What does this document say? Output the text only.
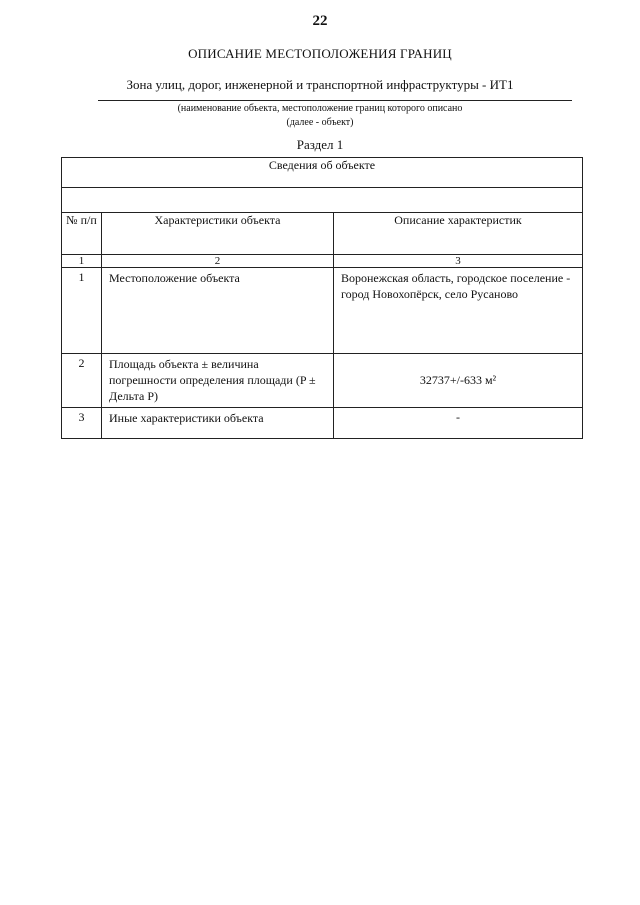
22
ОПИСАНИЕ МЕСТОПОЛОЖЕНИЯ ГРАНИЦ
Зона улиц, дорог, инженерной и транспортной инфраструктуры - ИТ1
(наименование объекта, местоположение границ которого описано
(далее - объект)
Раздел 1
Сведения об объекте		

№ п/п	Характеристики объекта	Описание характеристик
1	2	3
1	Местоположение объекта	Воронежская область, городское поселение - город Новохопёрск, село Русаново
2	Площадь объекта ± величина погрешности определения площади (P ± Дельта P)	32737+/-633 м²
3	Иные характеристики объекта	-
